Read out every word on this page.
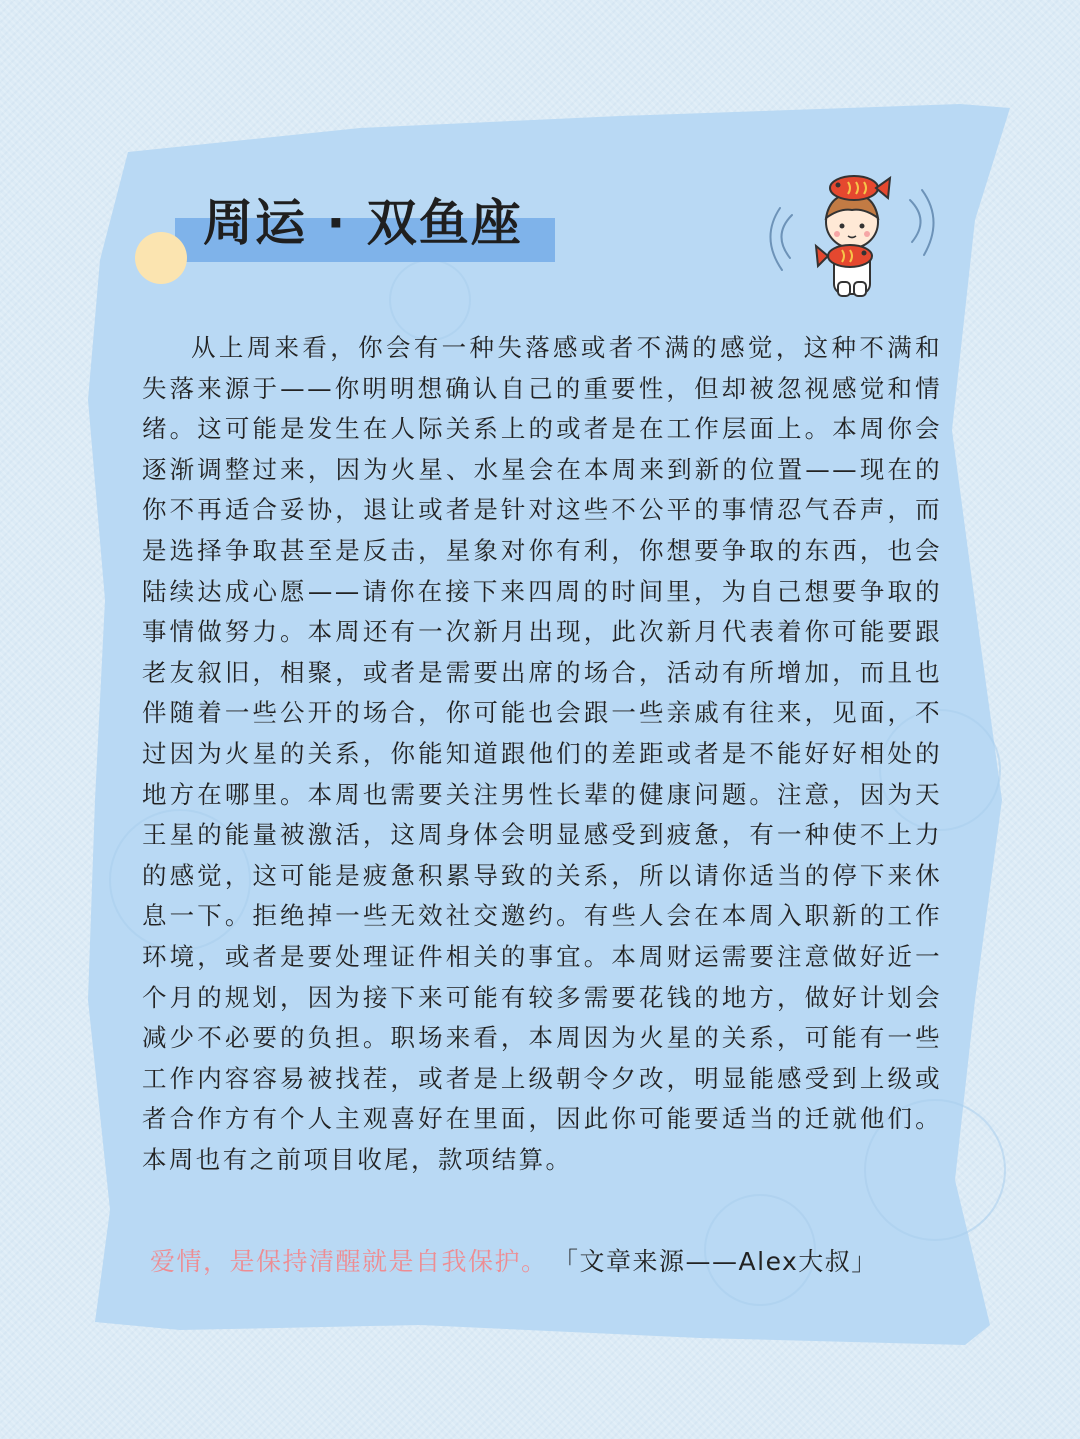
周运 · 双鱼座

从上周来看，你会有一种失落感或者不满的感觉，这种不满和失落来源于——你明明想确认自己的重要性，但却被忽视感觉和情绪。这可能是发生在人际关系上的或者是在工作层面上。本周你会逐渐调整过来，因为火星、水星会在本周来到新的位置——现在的你不再适合妥协，退让或者是针对这些不公平的事情忍气吞声，而是选择争取甚至是反击，星象对你有利，你想要争取的东西，也会陆续达成心愿——请你在接下来四周的时间里，为自己想要争取的事情做努力。本周还有一次新月出现，此次新月代表着你可能要跟老友叙旧，相聚，或者是需要出席的场合，活动有所增加，而且也伴随着一些公开的场合，你可能也会跟一些亲戚有往来，见面，不过因为火星的关系，你能知道跟他们的差距或者是不能好好相处的地方在哪里。本周也需要关注男性长辈的健康问题。注意，因为天王星的能量被激活，这周身体会明显感受到疲惫，有一种使不上力的感觉，这可能是疲惫积累导致的关系，所以请你适当的停下来休息一下。拒绝掉一些无效社交邀约。有些人会在本周入职新的工作环境，或者是要处理证件相关的事宜。本周财运需要注意做好近一个月的规划，因为接下来可能有较多需要花钱的地方，做好计划会减少不必要的负担。职场来看，本周因为火星的关系，可能有一些工作内容容易被找茬，或者是上级朝令夕改，明显能感受到上级或者合作方有个人主观喜好在里面，因此你可能要适当的迁就他们。本周也有之前项目收尾，款项结算。

爱情，是保持清醒就是自我保护。 「文章来源——Alex大叔」
